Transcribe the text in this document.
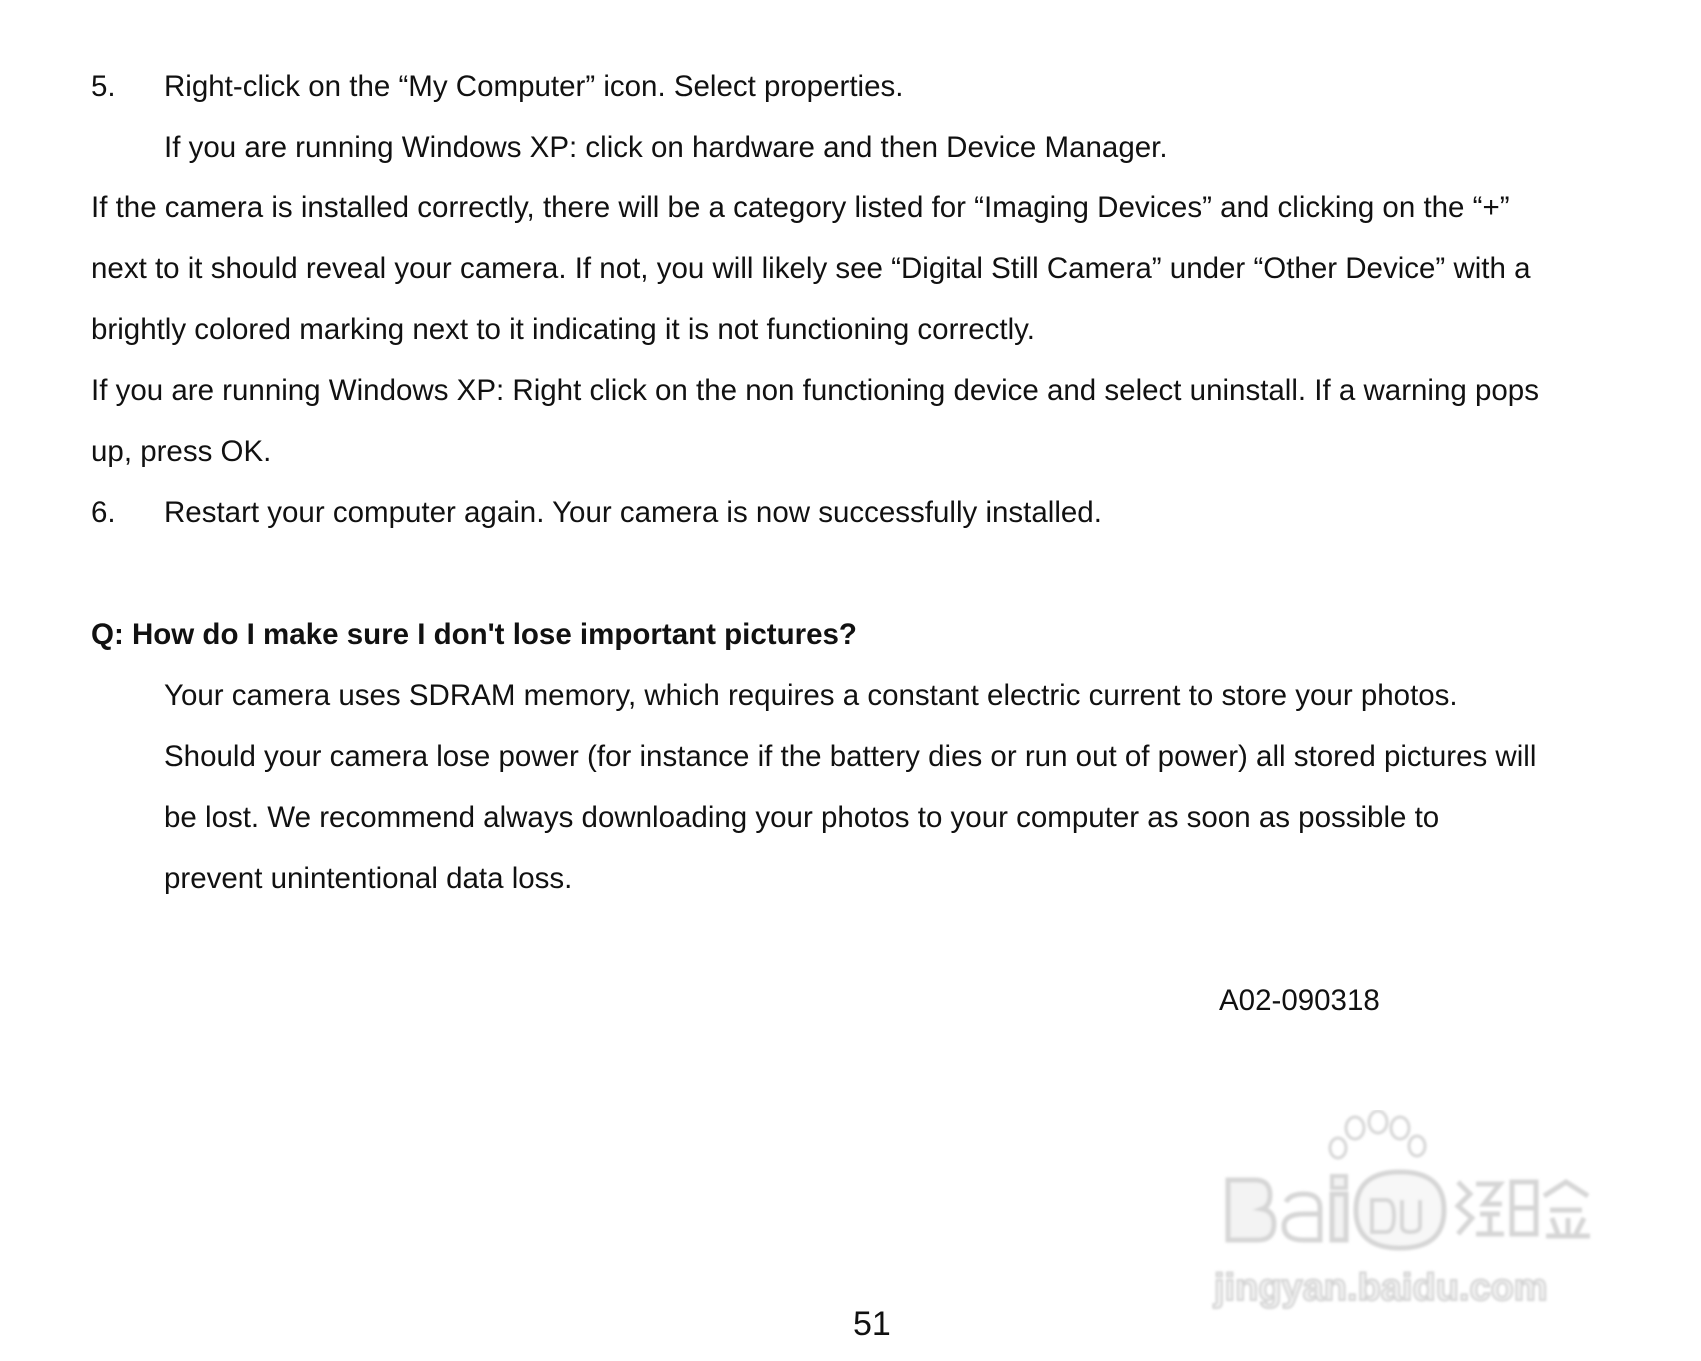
5. Right-click on the “My Computer” icon. Select properties.
If you are running Windows XP: click on hardware and then Device Manager.
If the camera is installed correctly, there will be a category listed for “Imaging Devices” and clicking on the “+”
next to it should reveal your camera. If not, you will likely see “Digital Still Camera” under “Other Device” with a
brightly colored marking next to it indicating it is not functioning correctly.
If you are running Windows XP: Right click on the non functioning device and select uninstall. If a warning pops
up, press OK.
6. Restart your computer again. Your camera is now successfully installed.
Q: How do I make sure I don't lose important pictures?
Your camera uses SDRAM memory, which requires a constant electric current to store your photos.
Should your camera lose power (for instance if the battery dies or run out of power) all stored pictures will
be lost. We recommend always downloading your photos to your computer as soon as possible to
prevent unintentional data loss.
A02-090318
jingyan.baidu.com
51
